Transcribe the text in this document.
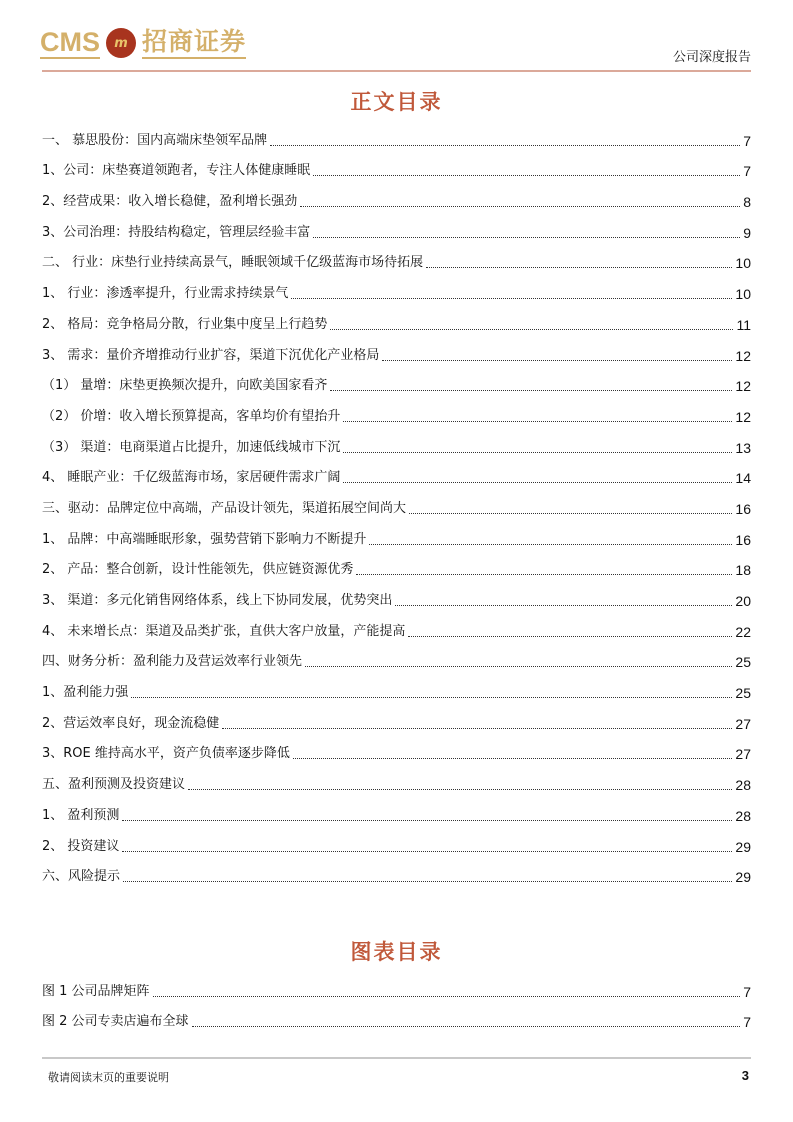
CMS	m 招商证券
公司深度报告
正文目录
一、 慕思股份：国内高端床垫领军品牌	7
1、公司：床垫赛道领跑者，专注人体健康睡眠	7
2、经营成果：收入增长稳健，盈利增长强劲	8
3、公司治理：持股结构稳定，管理层经验丰富	9
二、 行业：床垫行业持续高景气，睡眠领域千亿级蓝海市场待拓展	10
1、 行业：渗透率提升，行业需求持续景气	10
2、 格局：竞争格局分散，行业集中度呈上行趋势	11
3、 需求：量价齐增推动行业扩容，渠道下沉优化产业格局	12
（1） 量增：床垫更换频次提升，向欧美国家看齐	12
（2） 价增：收入增长预算提高，客单均价有望抬升	12
（3） 渠道：电商渠道占比提升，加速低线城市下沉	13
4、 睡眠产业：千亿级蓝海市场，家居硬件需求广阔	14
三、驱动：品牌定位中高端，产品设计领先，渠道拓展空间尚大	16
1、 品牌：中高端睡眠形象，强势营销下影响力不断提升	16
2、 产品：整合创新，设计性能领先，供应链资源优秀	18
3、 渠道：多元化销售网络体系，线上下协同发展，优势突出	20
4、 未来增长点：渠道及品类扩张，直供大客户放量，产能提高	22
四、财务分析：盈利能力及营运效率行业领先	25
1、盈利能力强	25
2、营运效率良好，现金流稳健	27
3、ROE 维持高水平，资产负债率逐步降低	27
五、盈利预测及投资建议	28
1、 盈利预测	28
2、 投资建议	29
六、风险提示	29
图表目录
图 1 公司品牌矩阵	7
图 2 公司专卖店遍布全球	7
敬请阅读末页的重要说明	3
